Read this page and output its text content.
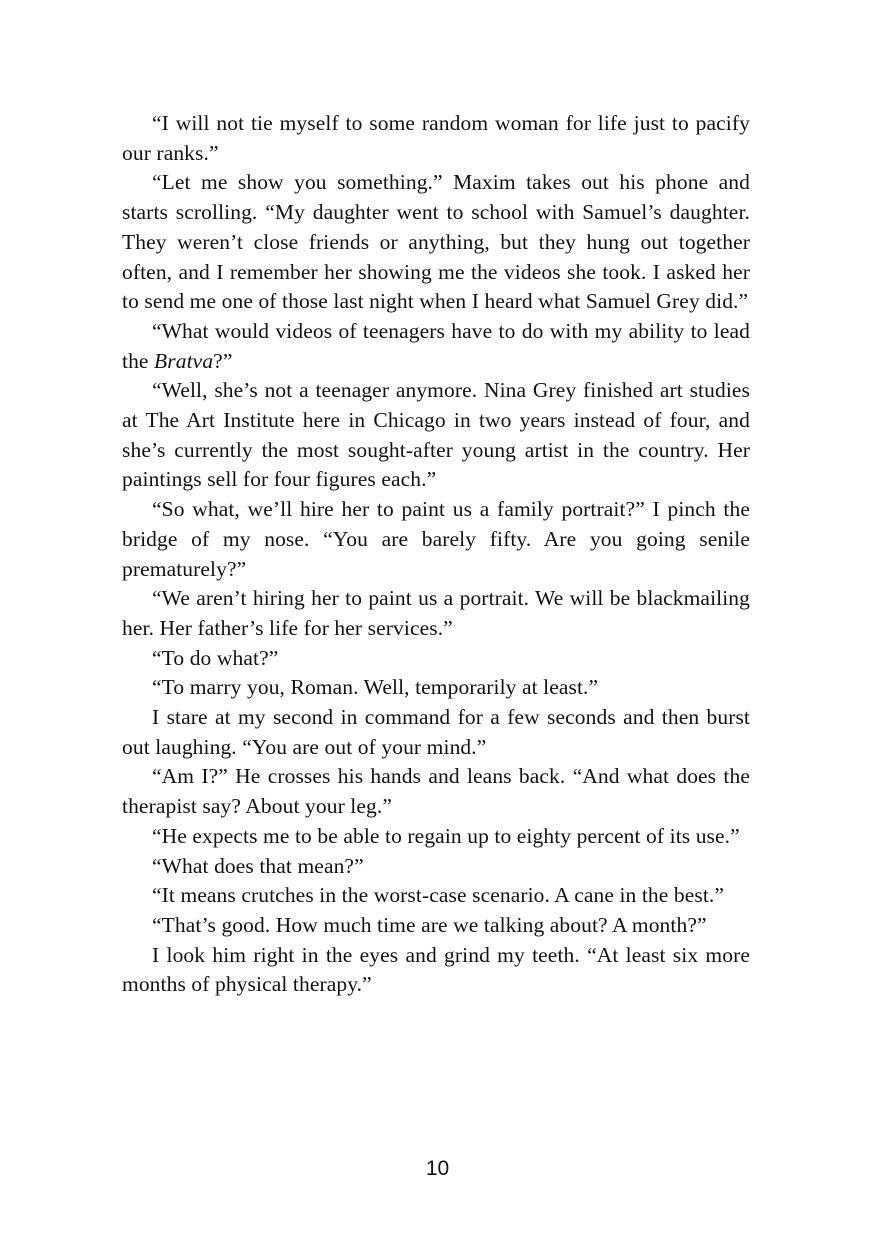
“I will not tie myself to some random woman for life just to pacify our ranks.”

“Let me show you something.” Maxim takes out his phone and starts scrolling. “My daughter went to school with Samuel’s daughter. They weren’t close friends or anything, but they hung out together often, and I remember her showing me the videos she took. I asked her to send me one of those last night when I heard what Samuel Grey did.”

“What would videos of teenagers have to do with my ability to lead the Bratva?”

“Well, she’s not a teenager anymore. Nina Grey finished art studies at The Art Institute here in Chicago in two years instead of four, and she’s currently the most sought-after young artist in the country. Her paintings sell for four figures each.”

“So what, we’ll hire her to paint us a family portrait?” I pinch the bridge of my nose. “You are barely fifty. Are you going senile prematurely?”

“We aren’t hiring her to paint us a portrait. We will be blackmailing her. Her father’s life for her services.”

“To do what?”

“To marry you, Roman. Well, temporarily at least.”

I stare at my second in command for a few seconds and then burst out laughing. “You are out of your mind.”

“Am I?” He crosses his hands and leans back. “And what does the therapist say? About your leg.”

“He expects me to be able to regain up to eighty percent of its use.”

“What does that mean?”

“It means crutches in the worst-case scenario. A cane in the best.”

“That’s good. How much time are we talking about? A month?”

I look him right in the eyes and grind my teeth. “At least six more months of physical therapy.”

10
